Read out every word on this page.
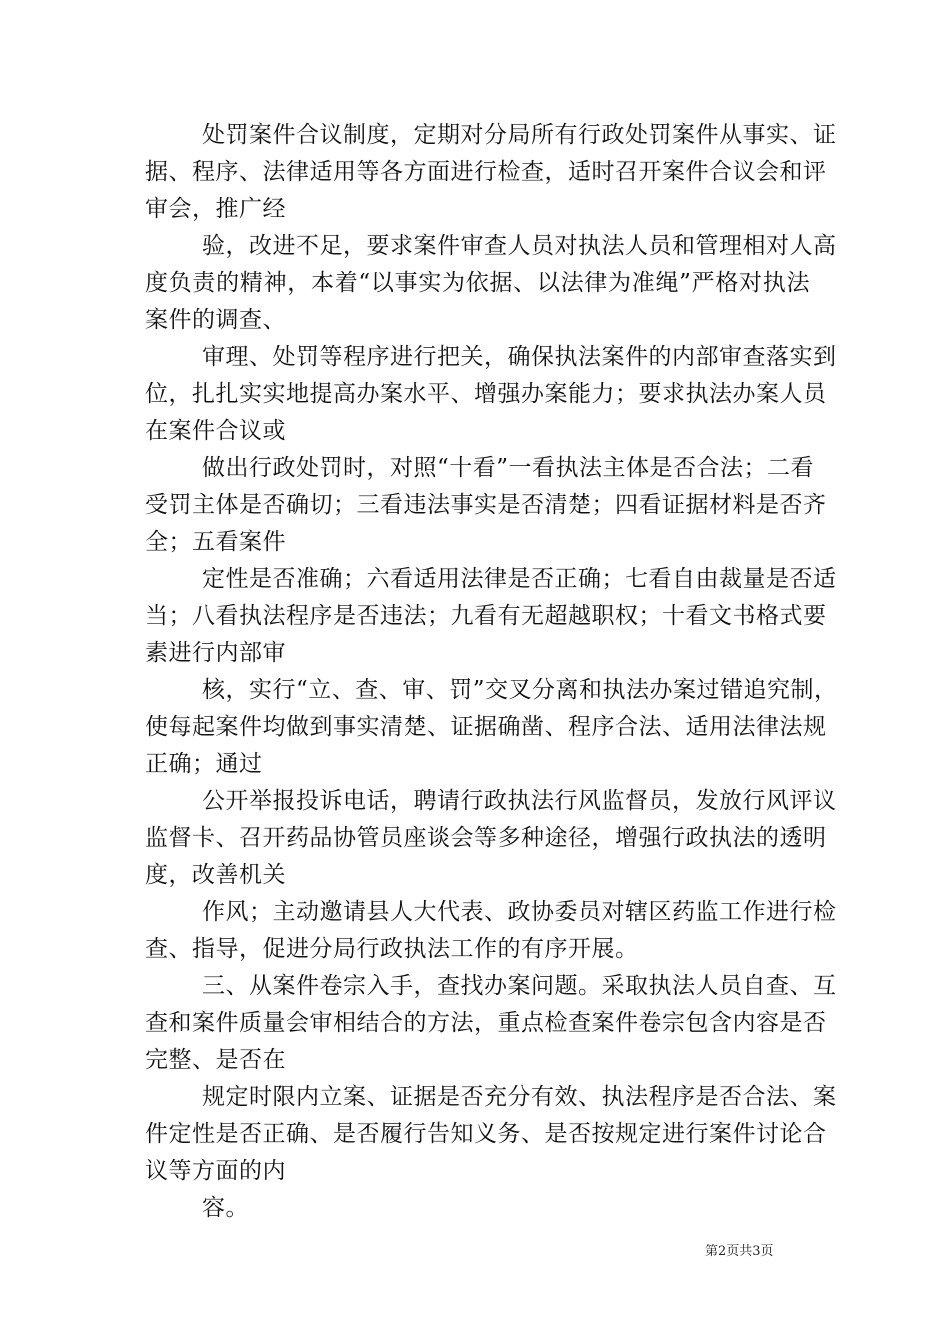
处罚案件合议制度，定期对分局所有行政处罚案件从事实、证
据、程序、法律适用等各方面进行检查，适时召开案件合议会和评
审会，推广经

验，改进不足，要求案件审查人员对执法人员和管理相对人高
度负责的精神，本着“以事实为依据、以法律为准绳”严格对执法
案件的调查、

审理、处罚等程序进行把关，确保执法案件的内部审查落实到
位，扎扎实实地提高办案水平、增强办案能力；要求执法办案人员
在案件合议或

做出行政处罚时，对照“十看”一看执法主体是否合法；二看
受罚主体是否确切；三看违法事实是否清楚；四看证据材料是否齐
全；五看案件

定性是否准确；六看适用法律是否正确；七看自由裁量是否适
当；八看执法程序是否违法；九看有无超越职权；十看文书格式要
素进行内部审

核，实行“立、查、审、罚”交叉分离和执法办案过错追究制，
使每起案件均做到事实清楚、证据确凿、程序合法、适用法律法规
正确；通过

公开举报投诉电话，聘请行政执法行风监督员，发放行风评议
监督卡、召开药品协管员座谈会等多种途径，增强行政执法的透明
度，改善机关

作风；主动邀请县人大代表、政协委员对辖区药监工作进行检
查、指导，促进分局行政执法工作的有序开展。

三、从案件卷宗入手，查找办案问题。采取执法人员自查、互
查和案件质量会审相结合的方法，重点检查案件卷宗包含内容是否
完整、是否在

规定时限内立案、证据是否充分有效、执法程序是否合法、案
件定性是否正确、是否履行告知义务、是否按规定进行案件讨论合
议等方面的内

容。

第2页共3页
